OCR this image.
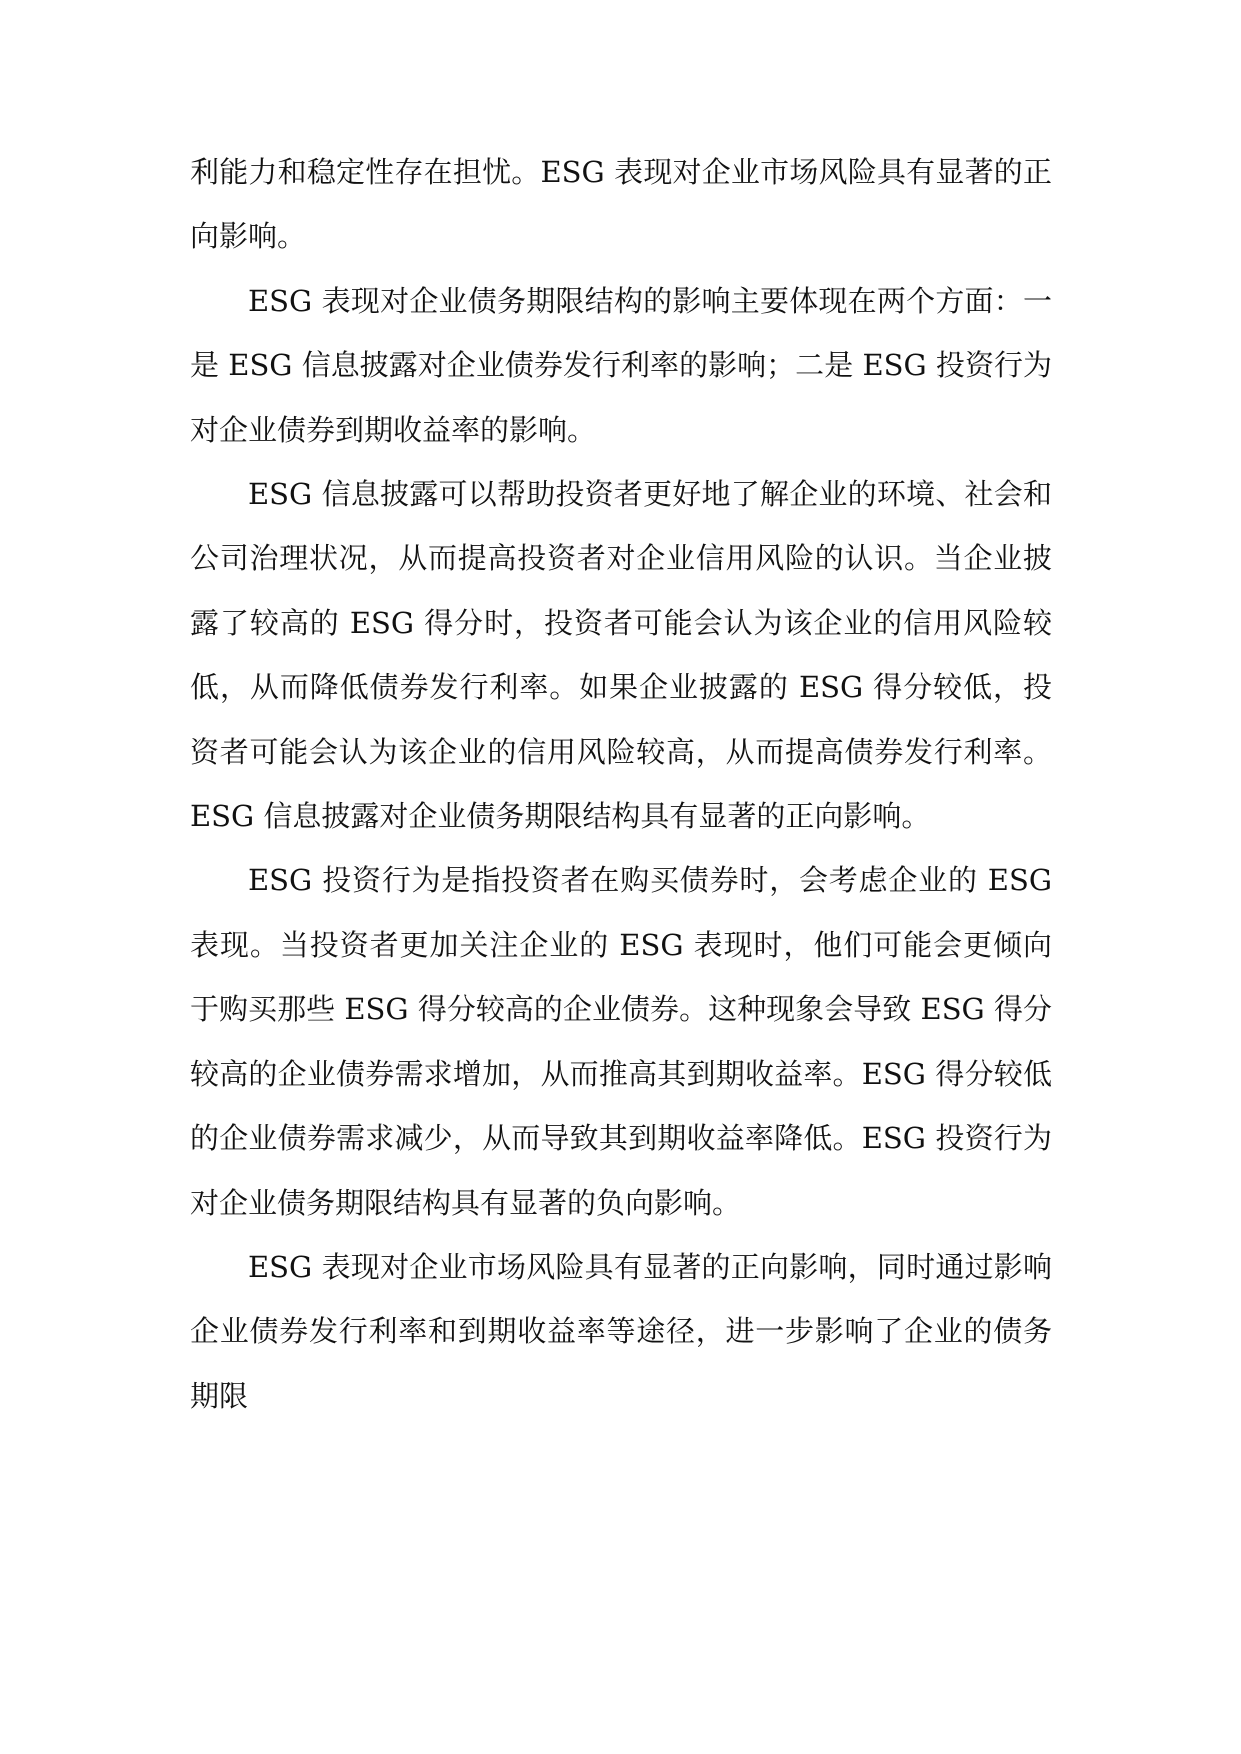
利能力和稳定性存在担忧。ESG 表现对企业市场风险具有显著的正向影响。

ESG 表现对企业债务期限结构的影响主要体现在两个方面：一是 ESG 信息披露对企业债券发行利率的影响；二是 ESG 投资行为对企业债券到期收益率的影响。

ESG 信息披露可以帮助投资者更好地了解企业的环境、社会和公司治理状况，从而提高投资者对企业信用风险的认识。当企业披露了较高的 ESG 得分时，投资者可能会认为该企业的信用风险较低，从而降低债券发行利率。如果企业披露的 ESG 得分较低，投资者可能会认为该企业的信用风险较高，从而提高债券发行利率。ESG 信息披露对企业债务期限结构具有显著的正向影响。

ESG 投资行为是指投资者在购买债券时，会考虑企业的 ESG 表现。当投资者更加关注企业的 ESG 表现时，他们可能会更倾向于购买那些 ESG 得分较高的企业债券。这种现象会导致 ESG 得分较高的企业债券需求增加，从而推高其到期收益率。ESG 得分较低的企业债券需求减少，从而导致其到期收益率降低。ESG 投资行为对企业债务期限结构具有显著的负向影响。

ESG 表现对企业市场风险具有显著的正向影响，同时通过影响企业债券发行利率和到期收益率等途径，进一步影响了企业的债务期限
